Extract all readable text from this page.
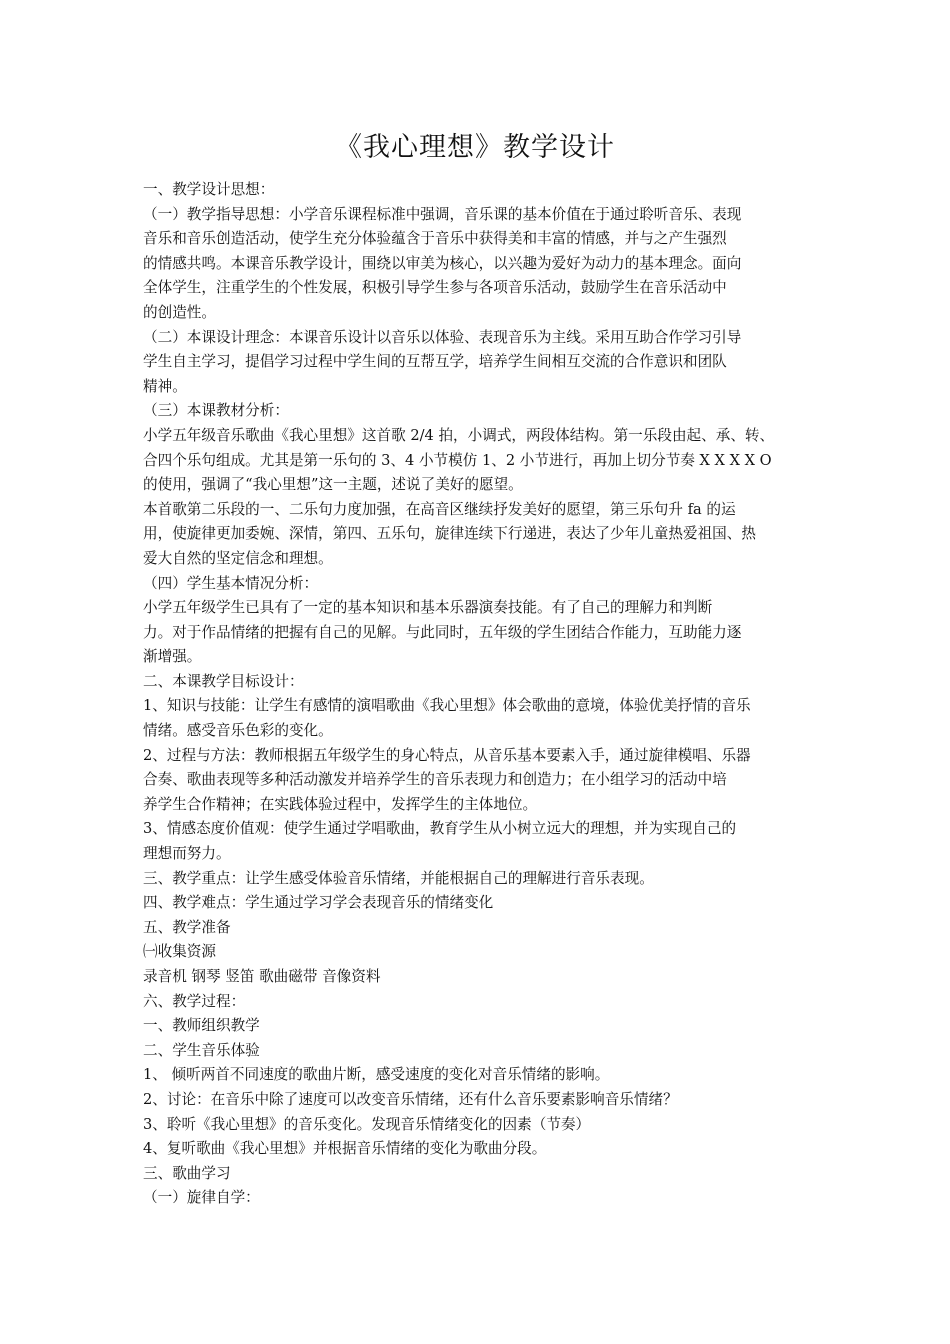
《我心理想》教学设计

一、教学设计思想：

（一）教学指导思想：小学音乐课程标准中强调，音乐课的基本价值在于通过聆听音乐、表现

音乐和音乐创造活动，使学生充分体验蕴含于音乐中获得美和丰富的情感，并与之产生强烈

的情感共鸣。本课音乐教学设计，围绕以审美为核心，以兴趣为爱好为动力的基本理念。面向

全体学生，注重学生的个性发展，积极引导学生参与各项音乐活动，鼓励学生在音乐活动中

的创造性。

（二）本课设计理念：本课音乐设计以音乐以体验、表现音乐为主线。采用互助合作学习引导

学生自主学习，提倡学习过程中学生间的互帮互学，培养学生间相互交流的合作意识和团队

精神。

（三）本课教材分析：

小学五年级音乐歌曲《我心里想》这首歌 2/4 拍，小调式，两段体结构。第一乐段由起、承、转、

合四个乐句组成。尤其是第一乐句的 3、4 小节模仿 1、2 小节进行，再加上切分节奏 X X X X O

的使用，强调了“我心里想”这一主题，述说了美好的愿望。

本首歌第二乐段的一、二乐句力度加强，在高音区继续抒发美好的愿望，第三乐句升 fa 的运

用，使旋律更加委婉、深情，第四、五乐句，旋律连续下行递进，表达了少年儿童热爱祖国、热

爱大自然的坚定信念和理想。

（四）学生基本情况分析：

小学五年级学生已具有了一定的基本知识和基本乐器演奏技能。有了自己的理解力和判断

力。对于作品情绪的把握有自己的见解。与此同时，五年级的学生团结合作能力，互助能力逐

渐增强。

二、本课教学目标设计：

1、知识与技能：让学生有感情的演唱歌曲《我心里想》体会歌曲的意境，体验优美抒情的音乐

情绪。感受音乐色彩的变化。

2、过程与方法：教师根据五年级学生的身心特点，从音乐基本要素入手，通过旋律模唱、乐器

合奏、歌曲表现等多种活动激发并培养学生的音乐表现力和创造力；在小组学习的活动中培

养学生合作精神；在实践体验过程中，发挥学生的主体地位。

3、情感态度价值观：使学生通过学唱歌曲，教育学生从小树立远大的理想，并为实现自己的

理想而努力。

三、教学重点：让学生感受体验音乐情绪，并能根据自己的理解进行音乐表现。

四、教学难点：学生通过学习学会表现音乐的情绪变化

五、教学准备

㈠收集资源

录音机 钢琴 竖笛 歌曲磁带 音像资料

六、教学过程：

一、教师组织教学

二、学生音乐体验

1、 倾听两首不同速度的歌曲片断，感受速度的变化对音乐情绪的影响。

2、讨论：在音乐中除了速度可以改变音乐情绪，还有什么音乐要素影响音乐情绪？

3、聆听《我心里想》的音乐变化。发现音乐情绪变化的因素（节奏）

4、复听歌曲《我心里想》并根据音乐情绪的变化为歌曲分段。

三、歌曲学习

（一）旋律自学：
